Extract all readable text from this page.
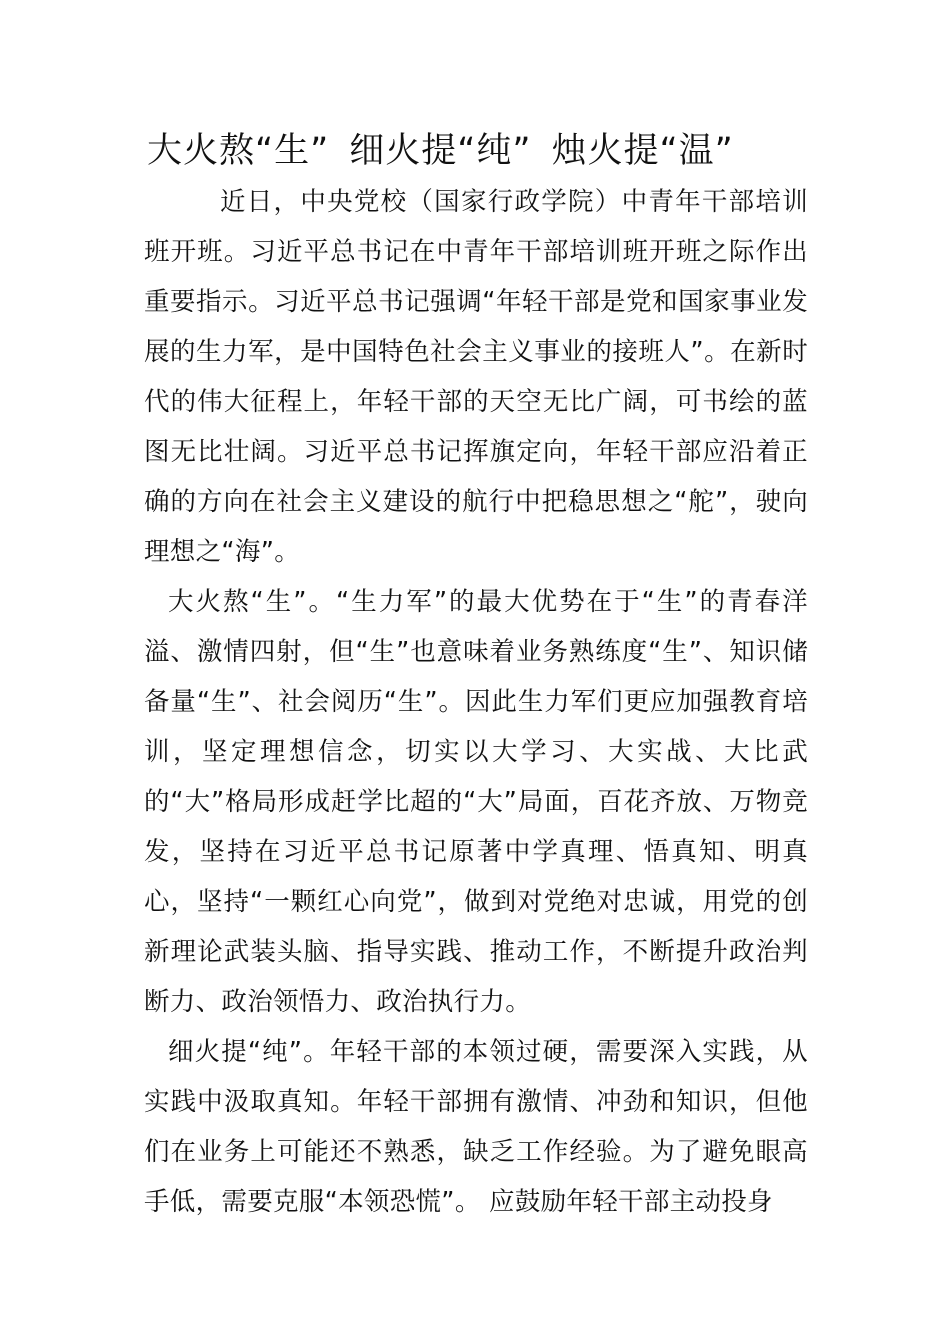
大火熬“生” 细火提“纯” 烛火提“温”

近日，中央党校（国家行政学院）中青年干部培训班开班。习近平总书记在中青年干部培训班开班之际作出重要指示。习近平总书记强调“年轻干部是党和国家事业发展的生力军，是中国特色社会主义事业的接班人”。在新时代的伟大征程上，年轻干部的天空无比广阔，可书绘的蓝图无比壮阔。习近平总书记挥旗定向，年轻干部应沿着正确的方向在社会主义建设的航行中把稳思想之“舵”，驶向理想之“海”。

大火熬“生”。“生力军”的最大优势在于“生”的青春洋溢、激情四射，但“生”也意味着业务熟练度“生”、知识储备量“生”、社会阅历“生”。因此生力军们更应加强教育培训，坚定理想信念，切实以大学习、大实战、大比武的“大”格局形成赶学比超的“大”局面，百花齐放、万物竞发，坚持在习近平总书记原著中学真理、悟真知、明真心，坚持“一颗红心向党”，做到对党绝对忠诚，用党的创新理论武装头脑、指导实践、推动工作，不断提升政治判断力、政治领悟力、政治执行力。

细火提“纯”。年轻干部的本领过硬，需要深入实践，从实践中汲取真知。年轻干部拥有激情、冲劲和知识，但他们在业务上可能还不熟悉，缺乏工作经验。为了避免眼高手低，需要克服“本领恐慌”。 应鼓励年轻干部主动投身
